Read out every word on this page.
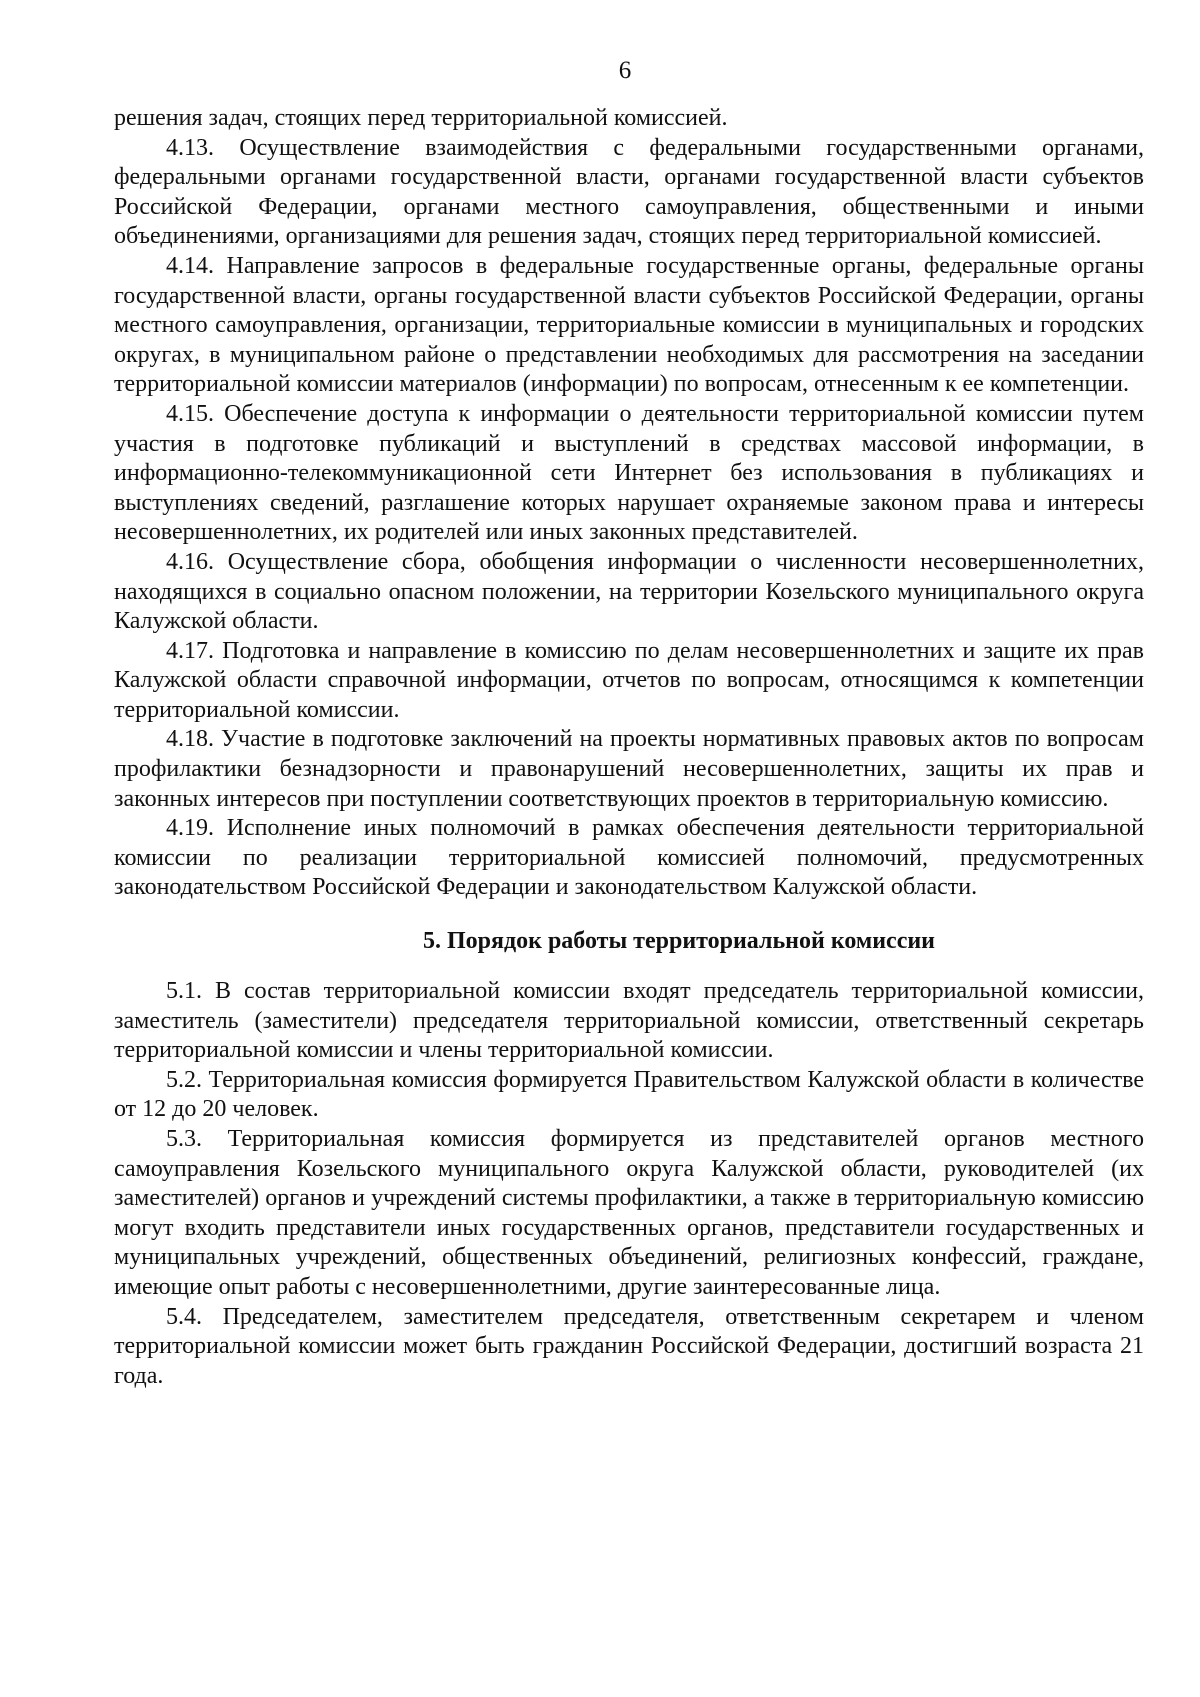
6

решения задач, стоящих перед территориальной комиссией.

4.13. Осуществление взаимодействия с федеральными государственными органами, федеральными органами государственной власти, органами государственной власти субъектов Российской Федерации, органами местного самоуправления, общественными и иными объединениями, организациями для решения задач, стоящих перед территориальной комиссией.

4.14. Направление запросов в федеральные государственные органы, федеральные органы государственной власти, органы государственной власти субъектов Российской Федерации, органы местного самоуправления, организации, территориальные комиссии в муниципальных и городских округах, в муниципальном районе о представлении необходимых для рассмотрения на заседании территориальной комиссии материалов (информации) по вопросам, отнесенным к ее компетенции.

4.15. Обеспечение доступа к информации о деятельности территориальной комиссии путем участия в подготовке публикаций и выступлений в средствах массовой информации, в информационно-телекоммуникационной сети Интернет без использования в публикациях и выступлениях сведений, разглашение которых нарушает охраняемые законом права и интересы несовершеннолетних, их родителей или иных законных представителей.

4.16. Осуществление сбора, обобщения информации о численности несовершеннолетних, находящихся в социально опасном положении, на территории Козельского муниципального округа Калужской области.

4.17. Подготовка и направление в комиссию по делам несовершеннолетних и защите их прав Калужской области справочной информации, отчетов по вопросам, относящимся к компетенции территориальной комиссии.

4.18. Участие в подготовке заключений на проекты нормативных правовых актов по вопросам профилактики безнадзорности и правонарушений несовершеннолетних, защиты их прав и законных интересов при поступлении соответствующих проектов в территориальную комиссию.

4.19. Исполнение иных полномочий в рамках обеспечения деятельности территориальной комиссии по реализации территориальной комиссией полномочий, предусмотренных законодательством Российской Федерации и законодательством Калужской области.

5. Порядок работы территориальной комиссии

5.1. В состав территориальной комиссии входят председатель территориальной комиссии, заместитель (заместители) председателя территориальной комиссии, ответственный секретарь территориальной комиссии и члены территориальной комиссии.

5.2. Территориальная комиссия формируется Правительством Калужской области в количестве от 12 до 20 человек.

5.3. Территориальная комиссия формируется из представителей органов местного самоуправления Козельского муниципального округа Калужской области, руководителей (их заместителей) органов и учреждений системы профилактики, а также в территориальную комиссию могут входить представители иных государственных органов, представители государственных и муниципальных учреждений, общественных объединений, религиозных конфессий, граждане, имеющие опыт работы с несовершеннолетними, другие заинтересованные лица.

5.4. Председателем, заместителем председателя, ответственным секретарем и членом территориальной комиссии может быть гражданин Российской Федерации, достигший возраста 21 года.
